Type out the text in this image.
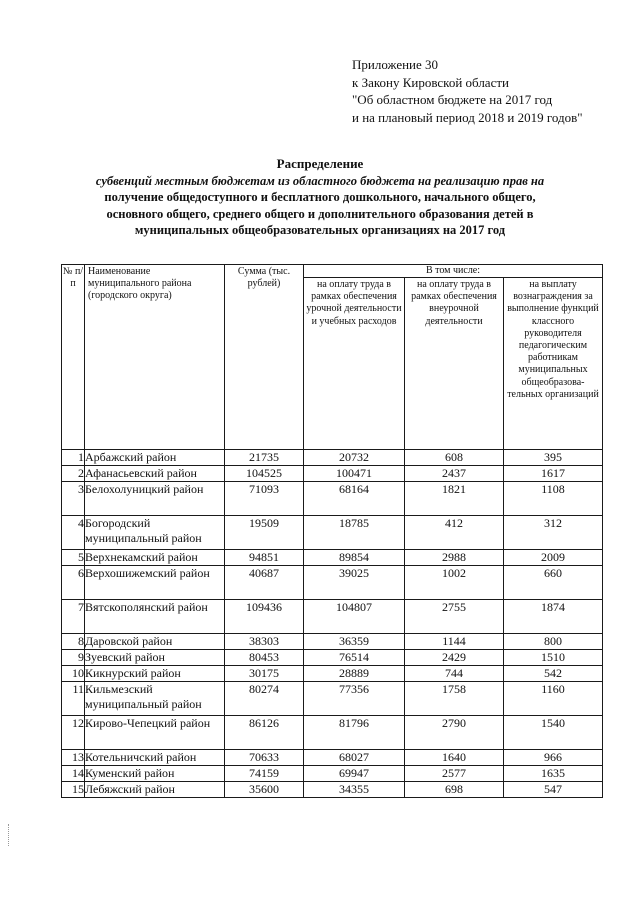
Приложение 30
к Закону Кировской области
"Об областном бюджете на 2017 год
и на плановый период 2018 и 2019 годов"
Распределение
субвенций местным бюджетам из областного бюджета на реализацию прав на
получение общедоступного и бесплатного дошкольного, начального общего,
основного общего, среднего общего и дополнительного образования детей в
муниципальных общеобразовательных организациях на 2017 год
№ п/п	Наименование муниципального района (городского округа)	Сумма (тыс. рублей)	В том числе:		
			на оплату труда в рамках обеспечения урочной деятельности и учебных расходов	на оплату труда в рамках обеспечения внеурочной деятельности	на выплату вознаграждения за выполнение функций классного руководителя педагогическим работникам муниципальных общеобразова-тельных организаций
1	Арбажский район	21735	20732	608	395
2	Афанасьевский район	104525	100471	2437	1617
3	Белохолуницкий район	71093	68164	1821	1108
4	Богородский муниципальный район	19509	18785	412	312
5	Верхнекамский район	94851	89854	2988	2009
6	Верхошижемский район	40687	39025	1002	660
7	Вятскополянский район	109436	104807	2755	1874
8	Даровской район	38303	36359	1144	800
9	Зуевский район	80453	76514	2429	1510
10	Кикнурский район	30175	28889	744	542
11	Кильмезский муниципальный район	80274	77356	1758	1160
12	Кирово-Чепецкий район	86126	81796	2790	1540
13	Котельничский район	70633	68027	1640	966
14	Куменский район	74159	69947	2577	1635
15	Лебяжский район	35600	34355	698	547
